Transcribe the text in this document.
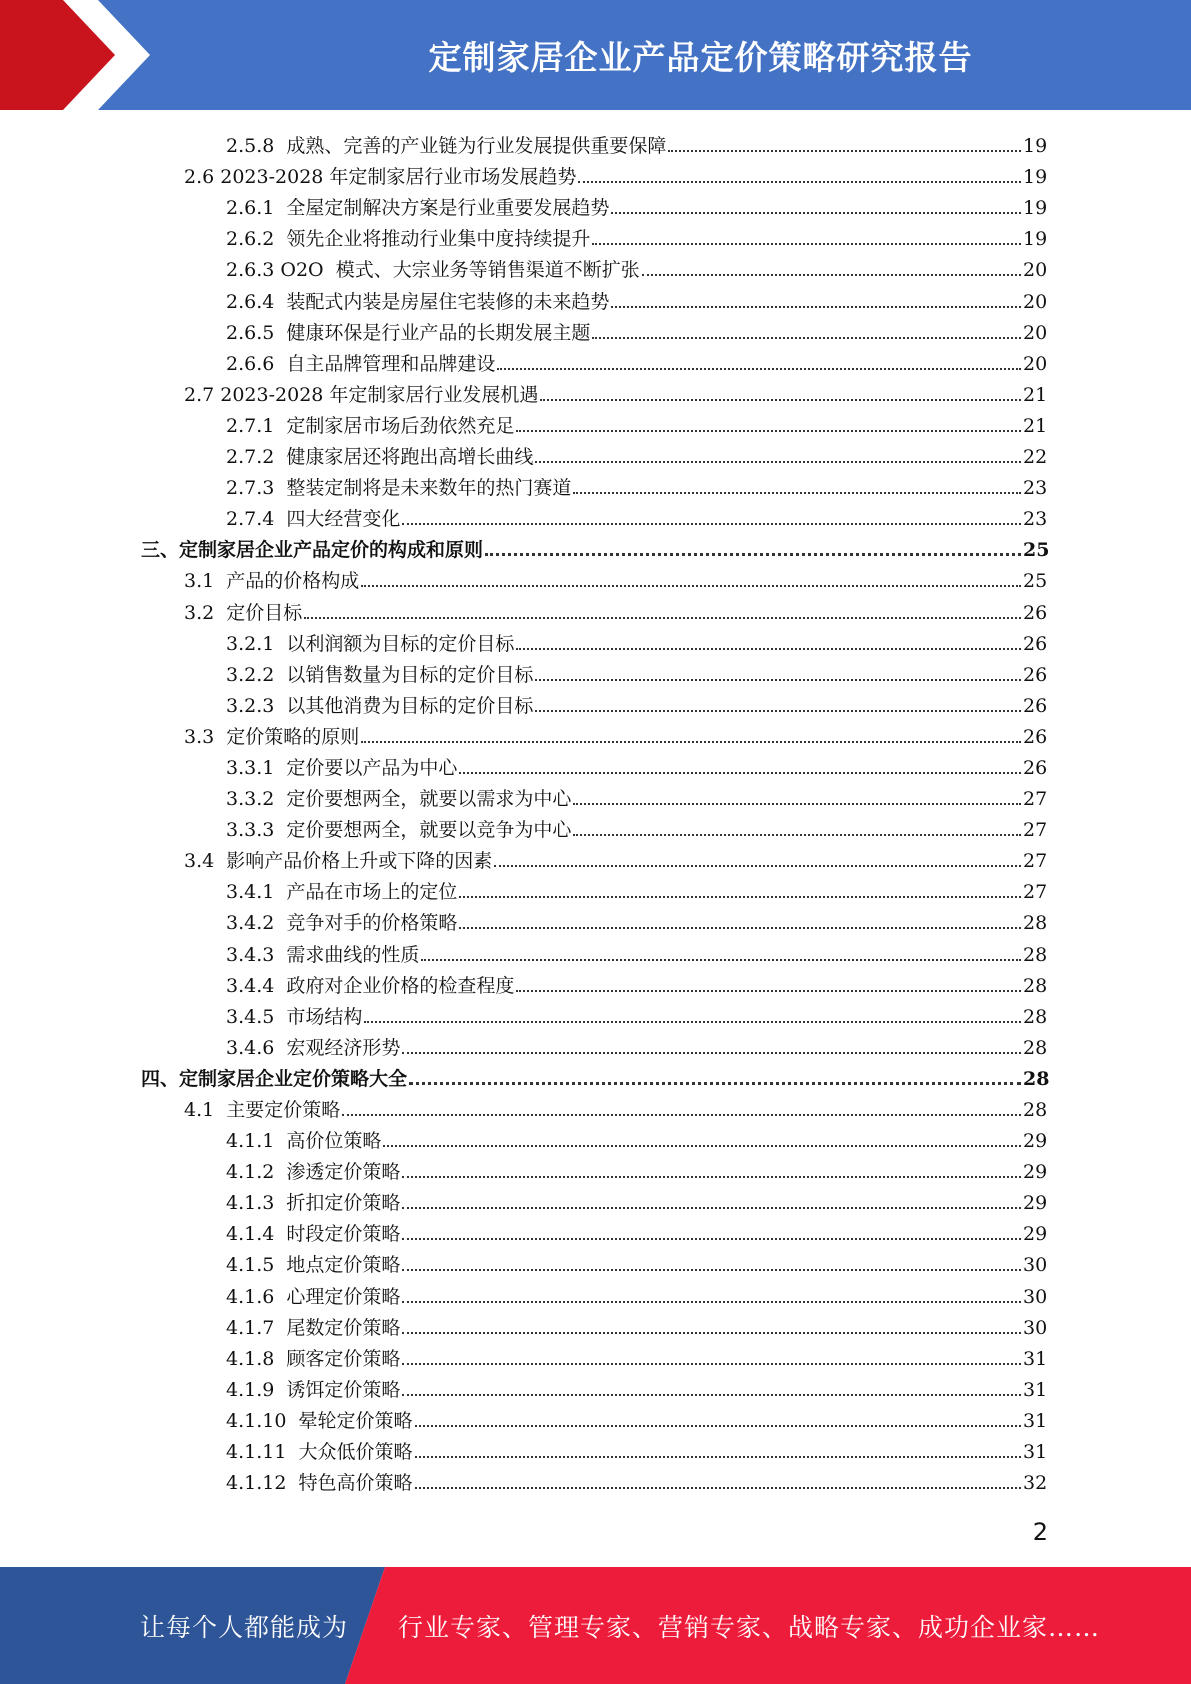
定制家居企业产品定价策略研究报告
2.5.8  成熟、完善的产业链为行业发展提供重要保障	19
2.6 2023-2028 年定制家居行业市场发展趋势	19
2.6.1  全屋定制解决方案是行业重要发展趋势	19
2.6.2  领先企业将推动行业集中度持续提升	19
2.6.3 O2O  模式、大宗业务等销售渠道不断扩张	20
2.6.4  装配式内装是房屋住宅装修的未来趋势	20
2.6.5  健康环保是行业产品的长期发展主题	20
2.6.6  自主品牌管理和品牌建设	20
2.7 2023-2028 年定制家居行业发展机遇	21
2.7.1  定制家居市场后劲依然充足	21
2.7.2  健康家居还将跑出高增长曲线	22
2.7.3  整装定制将是未来数年的热门赛道	23
2.7.4  四大经营变化	23
三、定制家居企业产品定价的构成和原则	25
3.1  产品的价格构成	25
3.2  定价目标	26
3.2.1  以利润额为目标的定价目标	26
3.2.2  以销售数量为目标的定价目标	26
3.2.3  以其他消费为目标的定价目标	26
3.3  定价策略的原则	26
3.3.1  定价要以产品为中心	26
3.3.2  定价要想两全，就要以需求为中心	27
3.3.3  定价要想两全，就要以竞争为中心	27
3.4  影响产品价格上升或下降的因素	27
3.4.1  产品在市场上的定位	27
3.4.2  竞争对手的价格策略	28
3.4.3  需求曲线的性质	28
3.4.4  政府对企业价格的检查程度	28
3.4.5  市场结构	28
3.4.6  宏观经济形势	28
四、定制家居企业定价策略大全	28
4.1  主要定价策略	28
4.1.1  高价位策略	29
4.1.2  渗透定价策略	29
4.1.3  折扣定价策略	29
4.1.4  时段定价策略	29
4.1.5  地点定价策略	30
4.1.6  心理定价策略	30
4.1.7  尾数定价策略	30
4.1.8  顾客定价策略	31
4.1.9  诱饵定价策略	31
4.1.10  晕轮定价策略	31
4.1.11  大众低价策略	31
4.1.12  特色高价策略	32
2
让每个人都能成为 行业专家、管理专家、营销专家、战略专家、成功企业家……
